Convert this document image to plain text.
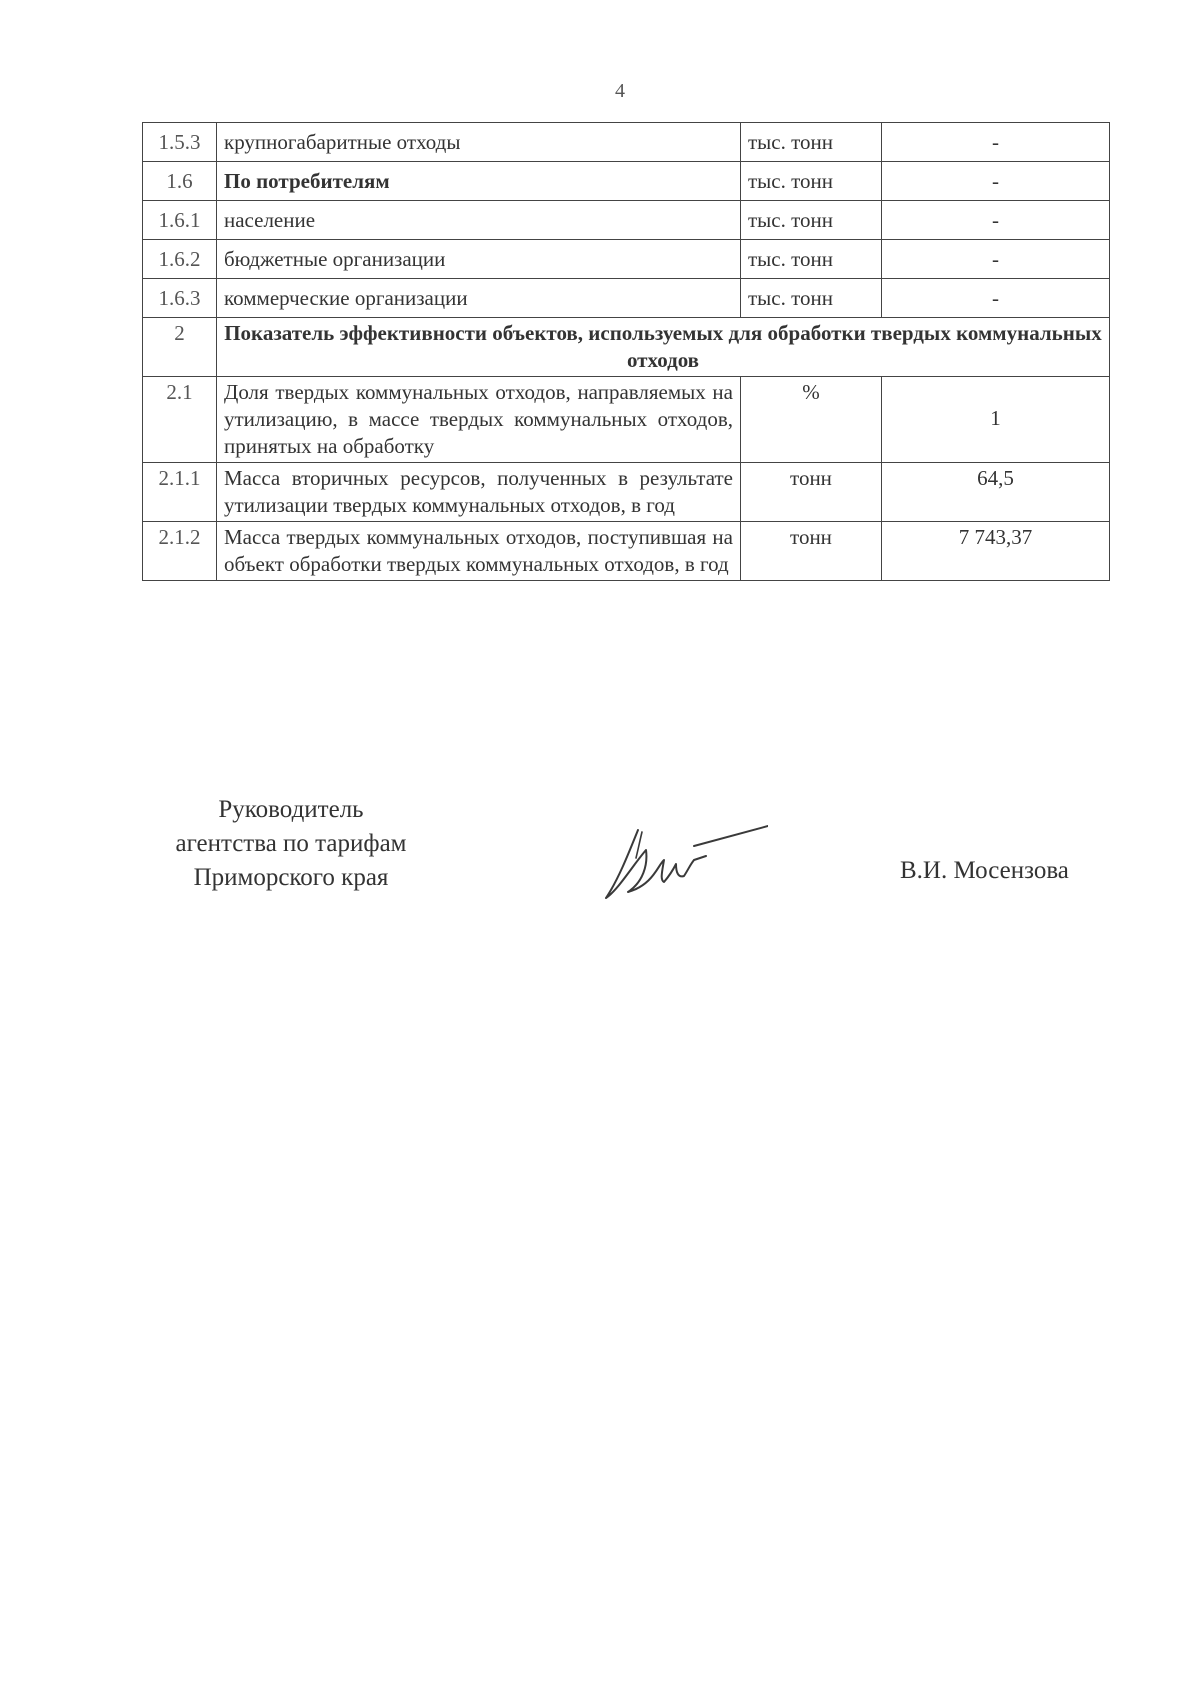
4
1.5.3	крупногабаритные отходы	тыс. тонн	-
1.6	По потребителям	тыс. тонн	-
1.6.1	население	тыс. тонн	-
1.6.2	бюджетные организации	тыс. тонн	-
1.6.3	коммерческие организации	тыс. тонн	-
2	Показатель эффективности объектов, используемых для обработки твердых коммунальных отходов		
2.1	Доля твердых коммунальных отходов, направляемых на утилизацию, в массе твердых коммунальных отходов, принятых на обработку	%	1

2.1.1	Масса вторичных ресурсов, полученных в результате утилизации твердых коммунальных отходов, в год	тонн	64,5
2.1.2	Масса твердых коммунальных отходов, поступившая на объект обработки твердых коммунальных отходов, в год	тонн	7 743,37
Руководитель
агентства по тарифам
Приморского края	В.И. Мосензова
